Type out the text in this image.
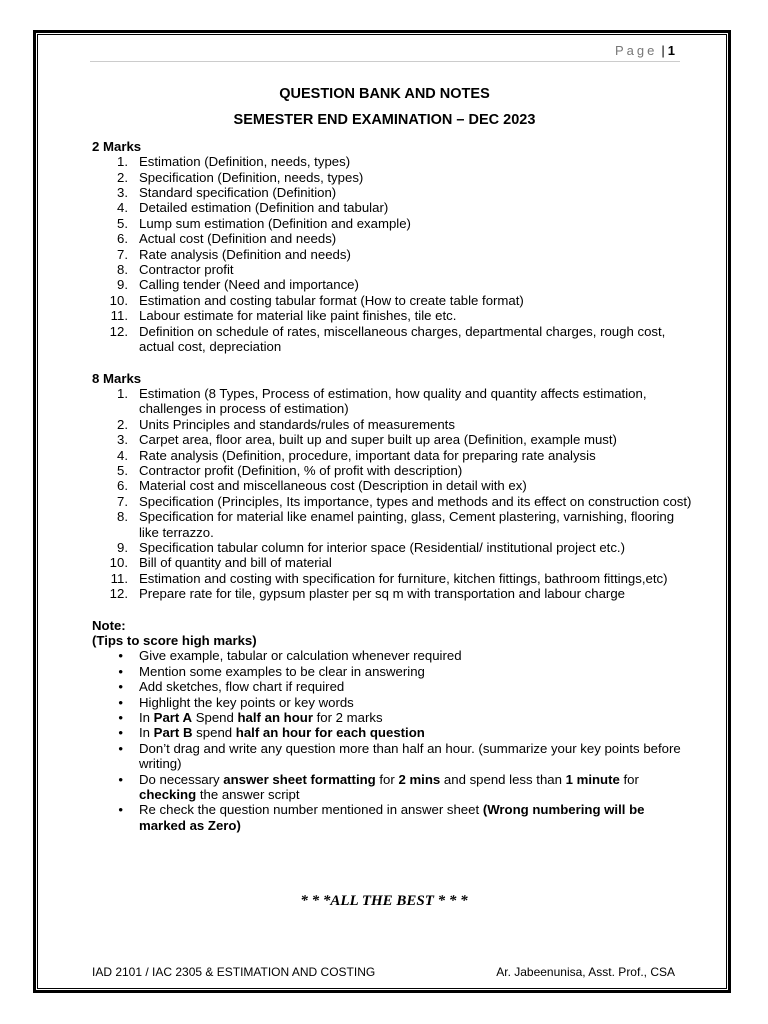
Page | 1
QUESTION BANK AND NOTES
SEMESTER END EXAMINATION – DEC 2023
2 Marks
1. Estimation (Definition, needs, types)
2. Specification (Definition, needs, types)
3. Standard specification (Definition)
4. Detailed estimation (Definition and tabular)
5. Lump sum estimation (Definition and example)
6. Actual cost (Definition and needs)
7. Rate analysis (Definition and needs)
8. Contractor profit
9. Calling tender (Need and importance)
10. Estimation and costing tabular format (How to create table format)
11. Labour estimate for material like paint finishes, tile etc.
12. Definition on schedule of rates, miscellaneous charges, departmental charges, rough cost, actual cost, depreciation
8 Marks
1. Estimation (8 Types, Process of estimation, how quality and quantity affects estimation, challenges in process of estimation)
2. Units Principles and standards/rules of measurements
3. Carpet area, floor area, built up and super built up area (Definition, example must)
4. Rate analysis (Definition, procedure, important data for preparing rate analysis
5. Contractor profit (Definition, % of profit with description)
6. Material cost and miscellaneous cost (Description in detail with ex)
7. Specification (Principles, Its importance, types and methods and its effect on construction cost)
8. Specification for material like enamel painting, glass, Cement plastering, varnishing, flooring like terrazzo.
9. Specification tabular column for interior space (Residential/ institutional project etc.)
10. Bill of quantity and bill of material
11. Estimation and costing with specification for furniture, kitchen fittings, bathroom fittings,etc)
12. Prepare rate for tile, gypsum plaster per sq m with transportation and labour charge
Note:
(Tips to score high marks)
• Give example, tabular or calculation whenever required
• Mention some examples to be clear in answering
• Add sketches, flow chart if required
• Highlight the key points or key words
• In Part A Spend half an hour for 2 marks
• In Part B spend half an hour for each question
• Don’t drag and write any question more than half an hour. (summarize your key points before writing)
• Do necessary answer sheet formatting for 2 mins and spend less than 1 minute for checking the answer script
• Re check the question number mentioned in answer sheet (Wrong numbering will be marked as Zero)
* * *ALL THE BEST * * *
IAD 2101 / IAC 2305 & ESTIMATION AND COSTING	Ar. Jabeenunisa, Asst. Prof., CSA
